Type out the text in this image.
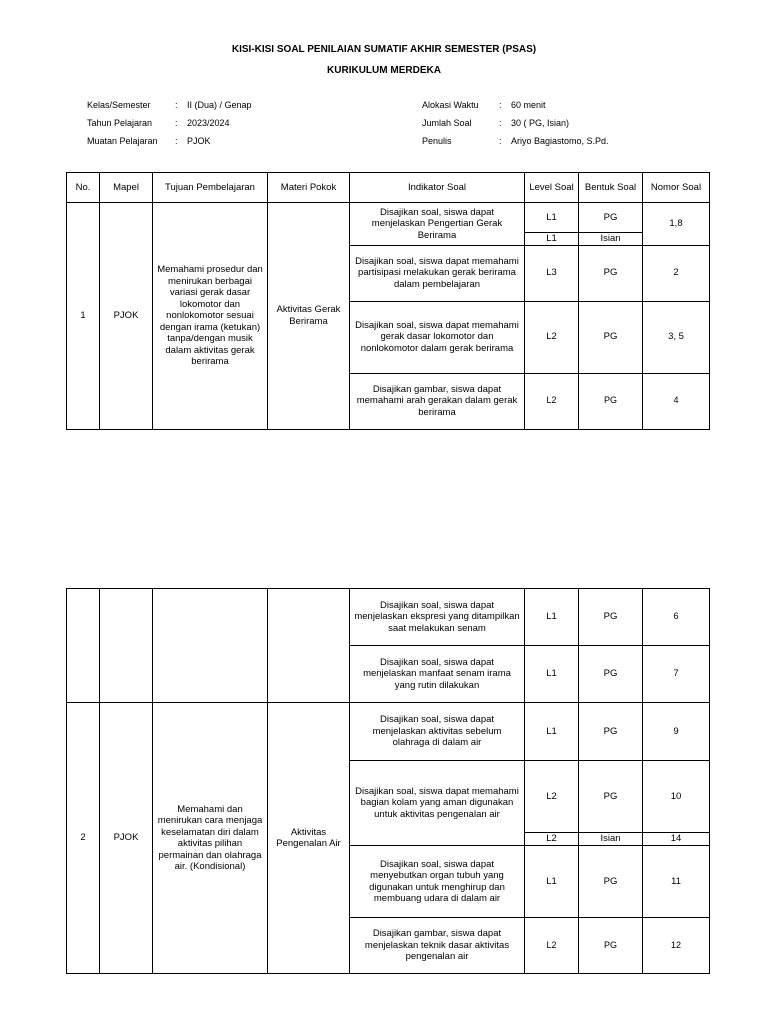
KISI-KISI SOAL PENILAIAN SUMATIF AKHIR SEMESTER (PSAS)
KURIKULUM MERDEKA
Kelas/Semester	:	II (Dua) / Genap
Tahun Pelajaran	:	2023/2024
Muatan Pelajaran	:	PJOK
Alokasi Waktu	:	60 menit
Jumlah Soal	:	30 ( PG, Isian)
Penulis	:	Ariyo Bagiastomo, S.Pd.
No.	Mapel	Tujuan Pembelajaran	Materi Pokok	Indikator Soal	Level Soal	Bentuk Soal	Nomor Soal
1	PJOK	Memahami prosedur dan menirukan berbagai variasi gerak dasar lokomotor dan nonlokomotor sesuai dengan irama (ketukan) tanpa/dengan musik dalam aktivitas gerak berirama	Aktivitas Gerak Berirama	Disajikan soal, siswa dapat menjelaskan Pengertian Gerak Berirama	L1	PG	1,8
					L1	Isian	
				Disajikan soal, siswa dapat memahami partisipasi melakukan gerak berirama dalam pembelajaran	L3	PG	2
				Disajikan soal, siswa dapat memahami gerak dasar lokomotor dan nonlokomotor dalam gerak berirama	L2	PG	3, 5
				Disajikan gambar, siswa dapat memahami arah gerakan dalam gerak berirama	L2	PG	4
				Disajikan soal, siswa dapat menjelaskan ekspresi yang ditampilkan saat melakukan senam	L1	PG	6
				Disajikan soal, siswa dapat menjelaskan manfaat senam irama yang rutin dilakukan	L1	PG	7
2	PJOK	Memahami dan menirukan cara menjaga keselamatan diri dalam aktivitas pilihan permainan dan olahraga air. (Kondisional)	Aktivitas Pengenalan Air	Disajikan soal, siswa dapat menjelaskan aktivitas sebelum olahraga di dalam air	L1	PG	9
				Disajikan soal, siswa dapat memahami bagian kolam yang aman digunakan untuk aktivitas pengenalan air	L2	PG	10
					L2	Isian	14
				Disajikan soal, siswa dapat menyebutkan organ tubuh yang digunakan untuk menghirup dan membuang udara di dalam air	L1	PG	11
				Disajikan gambar, siswa dapat menjelaskan teknik dasar aktivitas pengenalan air	L2	PG	12
